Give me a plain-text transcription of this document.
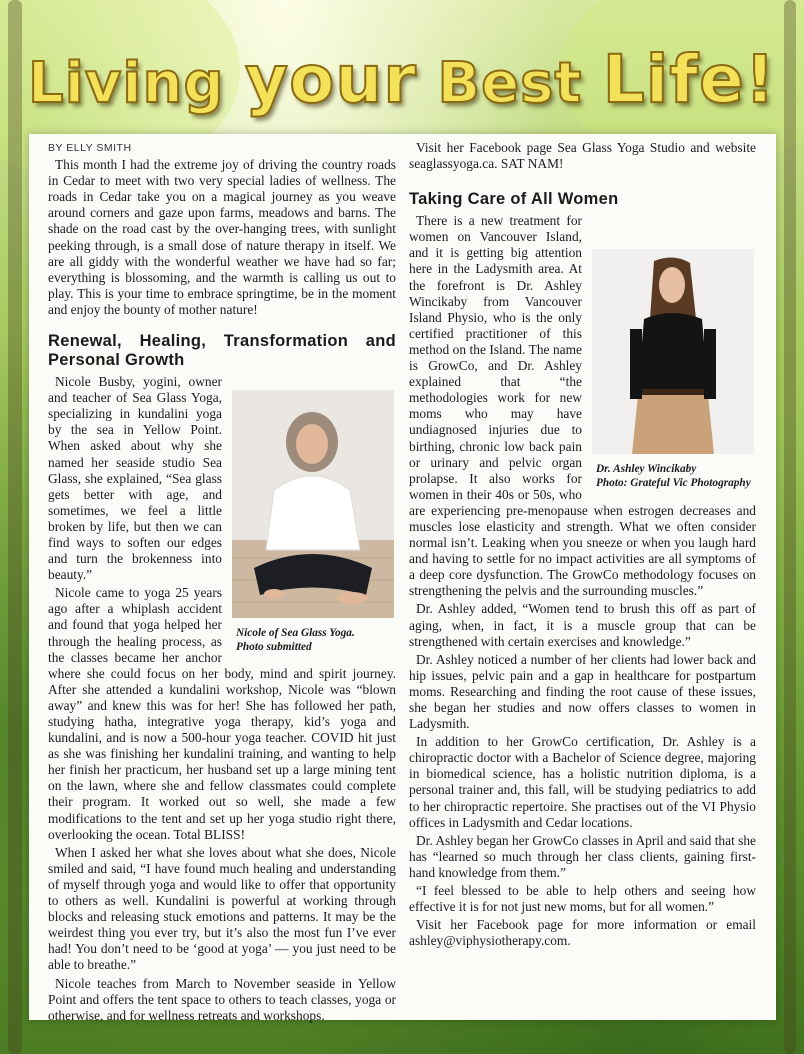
Living your Best Life!
BY ELLY SMITH

This month I had the extreme joy of driving the country roads in Cedar to meet with two very special ladies of wellness. The roads in Cedar take you on a magical journey as you weave around corners and gaze upon farms, meadows and barns. The shade on the road cast by the over-hanging trees, with sunlight peeking through, is a small dose of nature therapy in itself. We are all giddy with the wonderful weather we have had so far; everything is blossoming, and the warmth is calling us out to play. This is your time to embrace springtime, be in the moment and enjoy the bounty of mother nature!

Renewal, Healing, Transformation and Personal Growth
Nicole of Sea Glass Yoga.
Photo submitted

Nicole Busby, yogini, owner and teacher of Sea Glass Yoga, specializing in kundalini yoga by the sea in Yellow Point. When asked about why she named her seaside studio Sea Glass, she explained, “Sea glass gets better with age, and sometimes, we feel a little broken by life, but then we can find ways to soften our edges and turn the brokenness into beauty.”

Nicole came to yoga 25 years ago after a whiplash accident and found that yoga helped her through the healing process, as the classes became her anchor where she could focus on her body, mind and spirit journey. After she attended a kundalini workshop, Nicole was “blown away” and knew this was for her! She has followed her path, studying hatha, integrative yoga therapy, kid’s yoga and kundalini, and is now a 500-hour yoga teacher. COVID hit just as she was finishing her kundalini training, and wanting to help her finish her practicum, her husband set up a large mining tent on the lawn, where she and fellow classmates could complete their program. It worked out so well, she made a few modifications to the tent and set up her yoga studio right there, overlooking the ocean. Total BLISS!

When I asked her what she loves about what she does, Nicole smiled and said, “I have found much healing and understanding of myself through yoga and would like to offer that opportunity to others as well. Kundalini is powerful at working through blocks and releasing stuck emotions and patterns. It may be the weirdest thing you ever try, but it’s also the most fun I’ve ever had! You don’t need to be ‘good at yoga’ — you just need to be able to breathe.”

Nicole teaches from March to November seaside in Yellow Point and offers the tent space to others to teach classes, yoga or otherwise, and for wellness retreats and workshops.

Visit her Facebook page Sea Glass Yoga Studio and website seaglassyoga.ca. SAT NAM!

Taking Care of All Women
Dr. Ashley Wincikaby
Photo: Grateful Vic Photography

There is a new treatment for women on Vancouver Island, and it is getting big attention here in the Ladysmith area. At the forefront is Dr. Ashley Wincikaby from Vancouver Island Physio, who is the only certified practitioner of this method on the Island. The name is GrowCo, and Dr. Ashley explained that “the methodologies work for new moms who may have undiagnosed injuries due to birthing, chronic low back pain or urinary and pelvic organ prolapse. It also works for women in their 40s or 50s, who are experiencing pre-menopause when estrogen decreases and muscles lose elasticity and strength. What we often consider normal isn’t. Leaking when you sneeze or when you laugh hard and having to settle for no impact activities are all symptoms of a deep core dysfunction. The GrowCo methodology focuses on strengthening the pelvis and the surrounding muscles.”

Dr. Ashley added, “Women tend to brush this off as part of aging, when, in fact, it is a muscle group that can be strengthened with certain exercises and knowledge.”

Dr. Ashley noticed a number of her clients had lower back and hip issues, pelvic pain and a gap in healthcare for postpartum moms. Researching and finding the root cause of these issues, she began her studies and now offers classes to women in Ladysmith.

In addition to her GrowCo certification, Dr. Ashley is a chiropractic doctor with a Bachelor of Science degree, majoring in biomedical science, has a holistic nutrition diploma, is a personal trainer and, this fall, will be studying pediatrics to add to her chiropractic repertoire. She practises out of the VI Physio offices in Ladysmith and Cedar locations.

Dr. Ashley began her GrowCo classes in April and said that she has “learned so much through her class clients, gaining first-hand knowledge from them.”

“I feel blessed to be able to help others and seeing how effective it is for not just new moms, but for all women.”

Visit her Facebook page for more information or email ashley@viphysiotherapy.com.
